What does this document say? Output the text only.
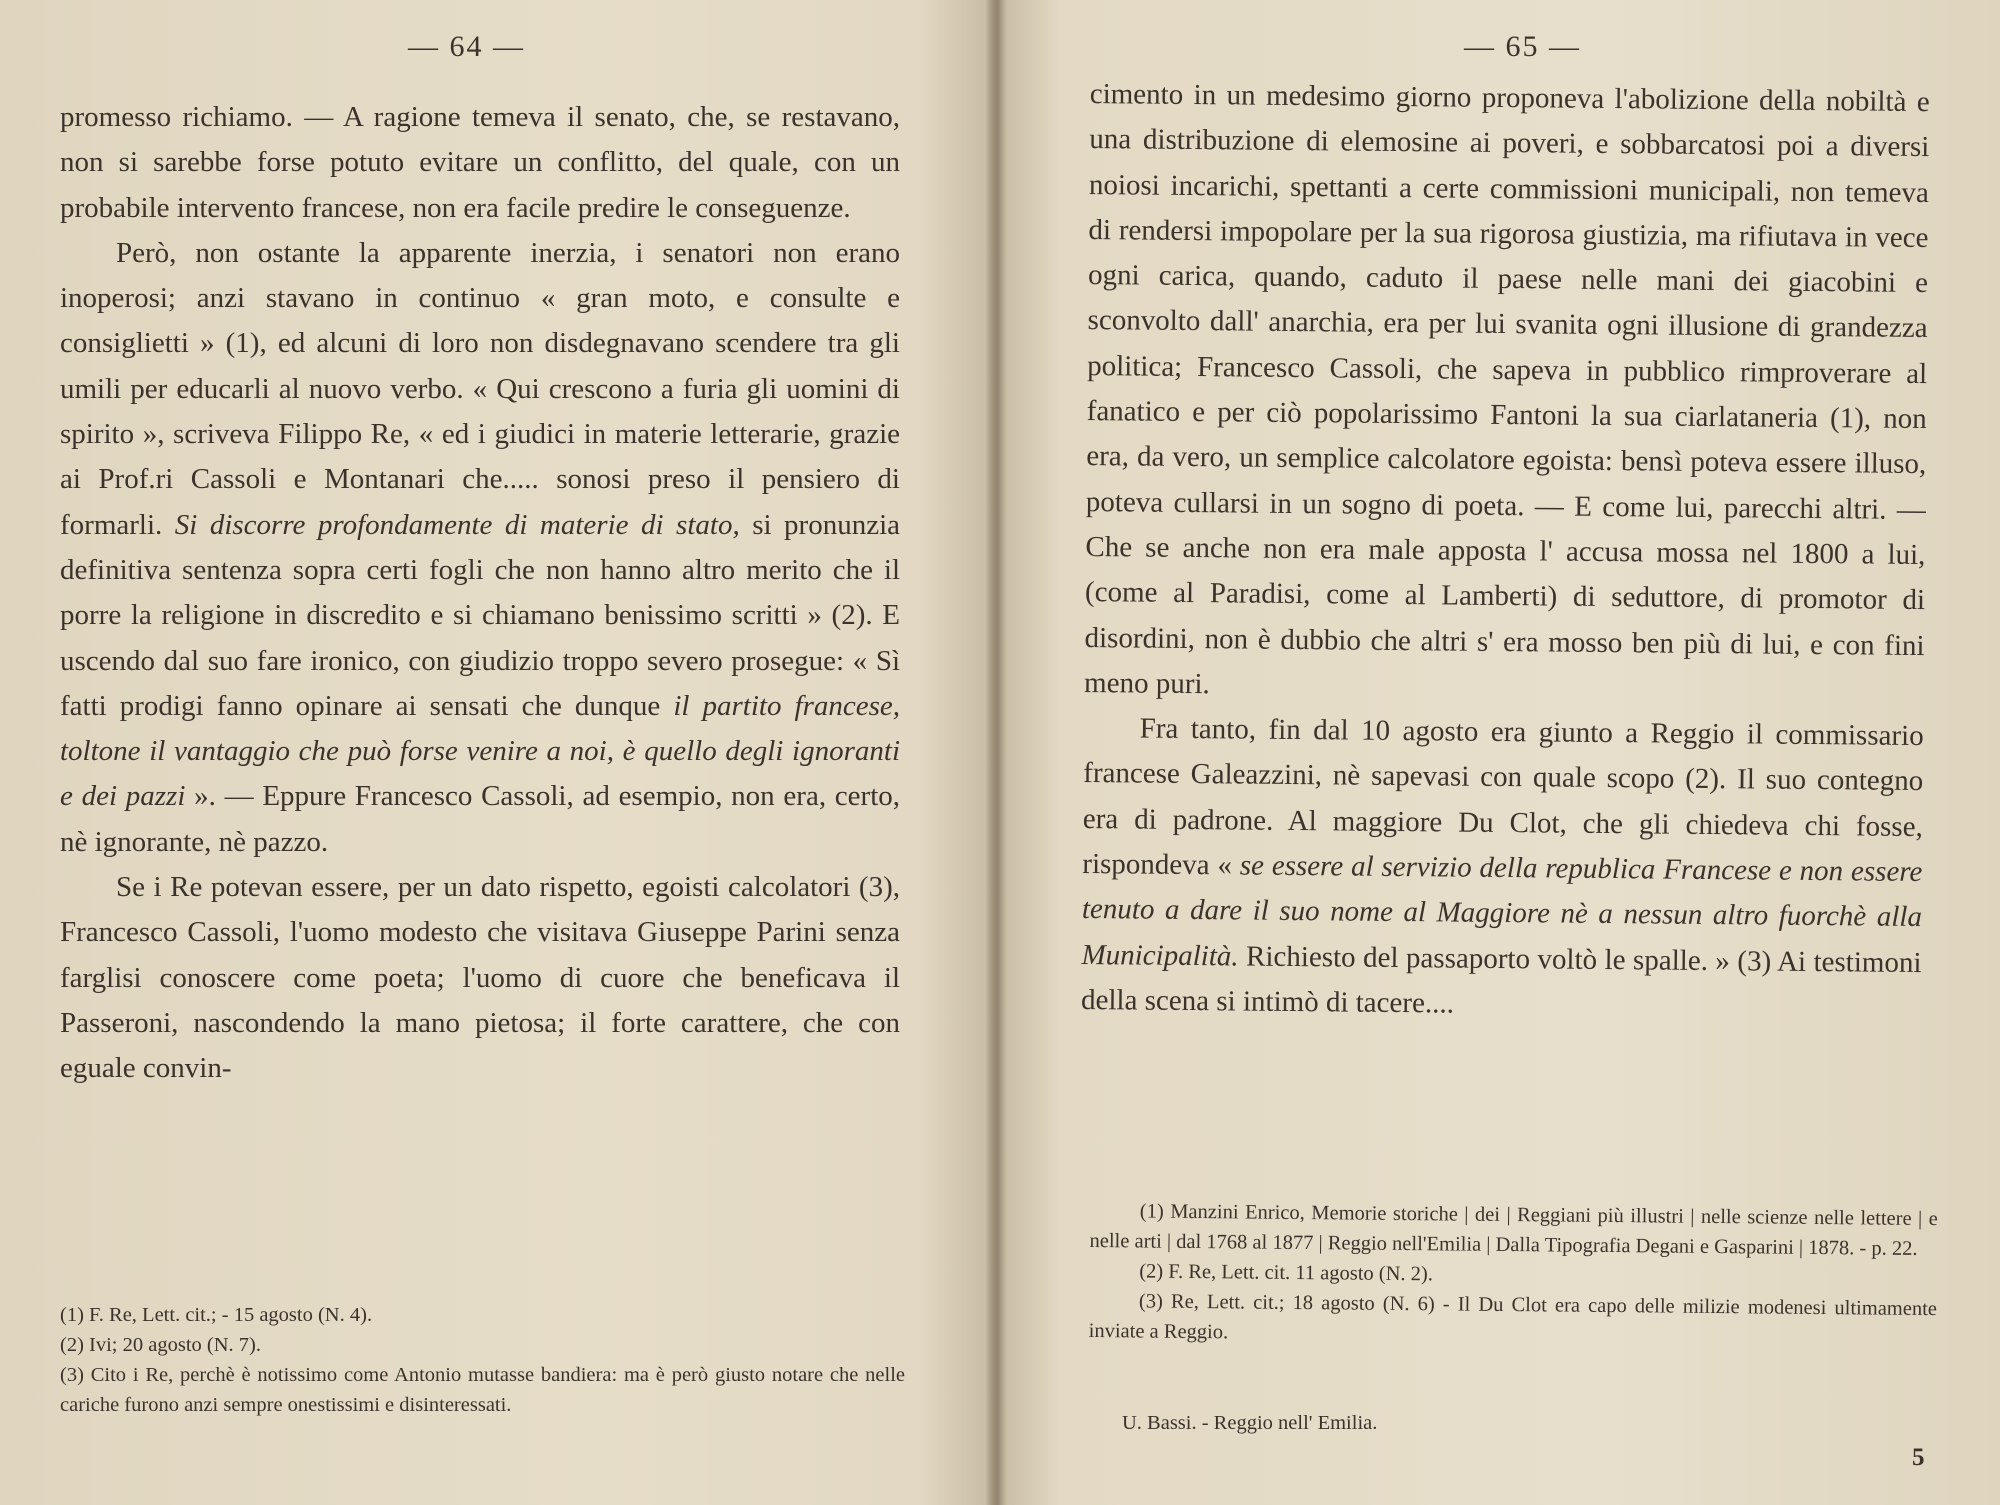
— 64 —

promesso richiamo. — A ragione temeva il senato, che, se restavano, non si sarebbe forse potuto evitare un conflitto, del quale, con un probabile intervento francese, non era facile predire le conseguenze.

Però, non ostante la apparente inerzia, i senatori non erano inoperosi; anzi stavano in continuo « gran moto, e consulte e consiglietti » (1), ed alcuni di loro non disdegnavano scendere tra gli umili per educarli al nuovo verbo. « Qui crescono a furia gli uomini di spirito », scriveva Filippo Re, « ed i giudici in materie letterarie, grazie ai Prof.ri Cassoli e Montanari che..... sonosi preso il pensiero di formarli. Si discorre profondamente di materie di stato, si pronunzia definitiva sentenza sopra certi fogli che non hanno altro merito che il porre la religione in discredito e si chiamano benissimo scritti » (2). E uscendo dal suo fare ironico, con giudizio troppo severo prosegue: « Sì fatti prodigi fanno opinare ai sensati che dunque il partito francese, toltone il vantaggio che può forse venire a noi, è quello degli ignoranti e dei pazzi ». — Eppure Francesco Cassoli, ad esempio, non era, certo, nè ignorante, nè pazzo.

Se i Re potevan essere, per un dato rispetto, egoisti calcolatori (3), Francesco Cassoli, l'uomo modesto che visitava Giuseppe Parini senza farglisi conoscere come poeta; l'uomo di cuore che beneficava il Passeroni, nascondendo la mano pietosa; il forte carattere, che con eguale convin-

(1) F. Re, Lett. cit.; - 15 agosto (N. 4).

(2) Ivi; 20 agosto (N. 7).

(3) Cito i Re, perchè è notissimo come Antonio mutasse bandiera: ma è però giusto notare che nelle cariche furono anzi sempre onestissimi e disinteressati.

— 65 —

cimento in un medesimo giorno proponeva l'abolizione della nobiltà e una distribuzione di elemosine ai poveri, e sobbarcatosi poi a diversi noiosi incarichi, spettanti a certe commissioni municipali, non temeva di rendersi impopolare per la sua rigorosa giustizia, ma rifiutava in vece ogni carica, quando, caduto il paese nelle mani dei giacobini e sconvolto dall' anarchia, era per lui svanita ogni illusione di grandezza politica; Francesco Cassoli, che sapeva in pubblico rimproverare al fanatico e per ciò popolarissimo Fantoni la sua ciarlataneria (1), non era, da vero, un semplice calcolatore egoista: bensì poteva essere illuso, poteva cullarsi in un sogno di poeta. — E come lui, parecchi altri. — Che se anche non era male apposta l' accusa mossa nel 1800 a lui, (come al Paradisi, come al Lamberti) di seduttore, di promotor di disordini, non è dubbio che altri s' era mosso ben più di lui, e con fini meno puri.

Fra tanto, fin dal 10 agosto era giunto a Reggio il commissario francese Galeazzini, nè sapevasi con quale scopo (2). Il suo contegno era di padrone. Al maggiore Du Clot, che gli chiedeva chi fosse, rispondeva « se essere al servizio della republica Francese e non essere tenuto a dare il suo nome al Maggiore nè a nessun altro fuorchè alla Municipalità. Richiesto del passaporto voltò le spalle. » (3) Ai testimoni della scena si intimò di tacere....

(1) Manzini Enrico, Memorie storiche | dei | Reggiani più illustri | nelle scienze nelle lettere | e nelle arti | dal 1768 al 1877 | Reggio nell'Emilia | Dalla Tipografia Degani e Gasparini | 1878. - p. 22.

(2) F. Re, Lett. cit. 11 agosto (N. 2).

(3) Re, Lett. cit.; 18 agosto (N. 6) - Il Du Clot era capo delle milizie modenesi ultimamente inviate a Reggio.

U. Bassi. - Reggio nell' Emilia.
5
